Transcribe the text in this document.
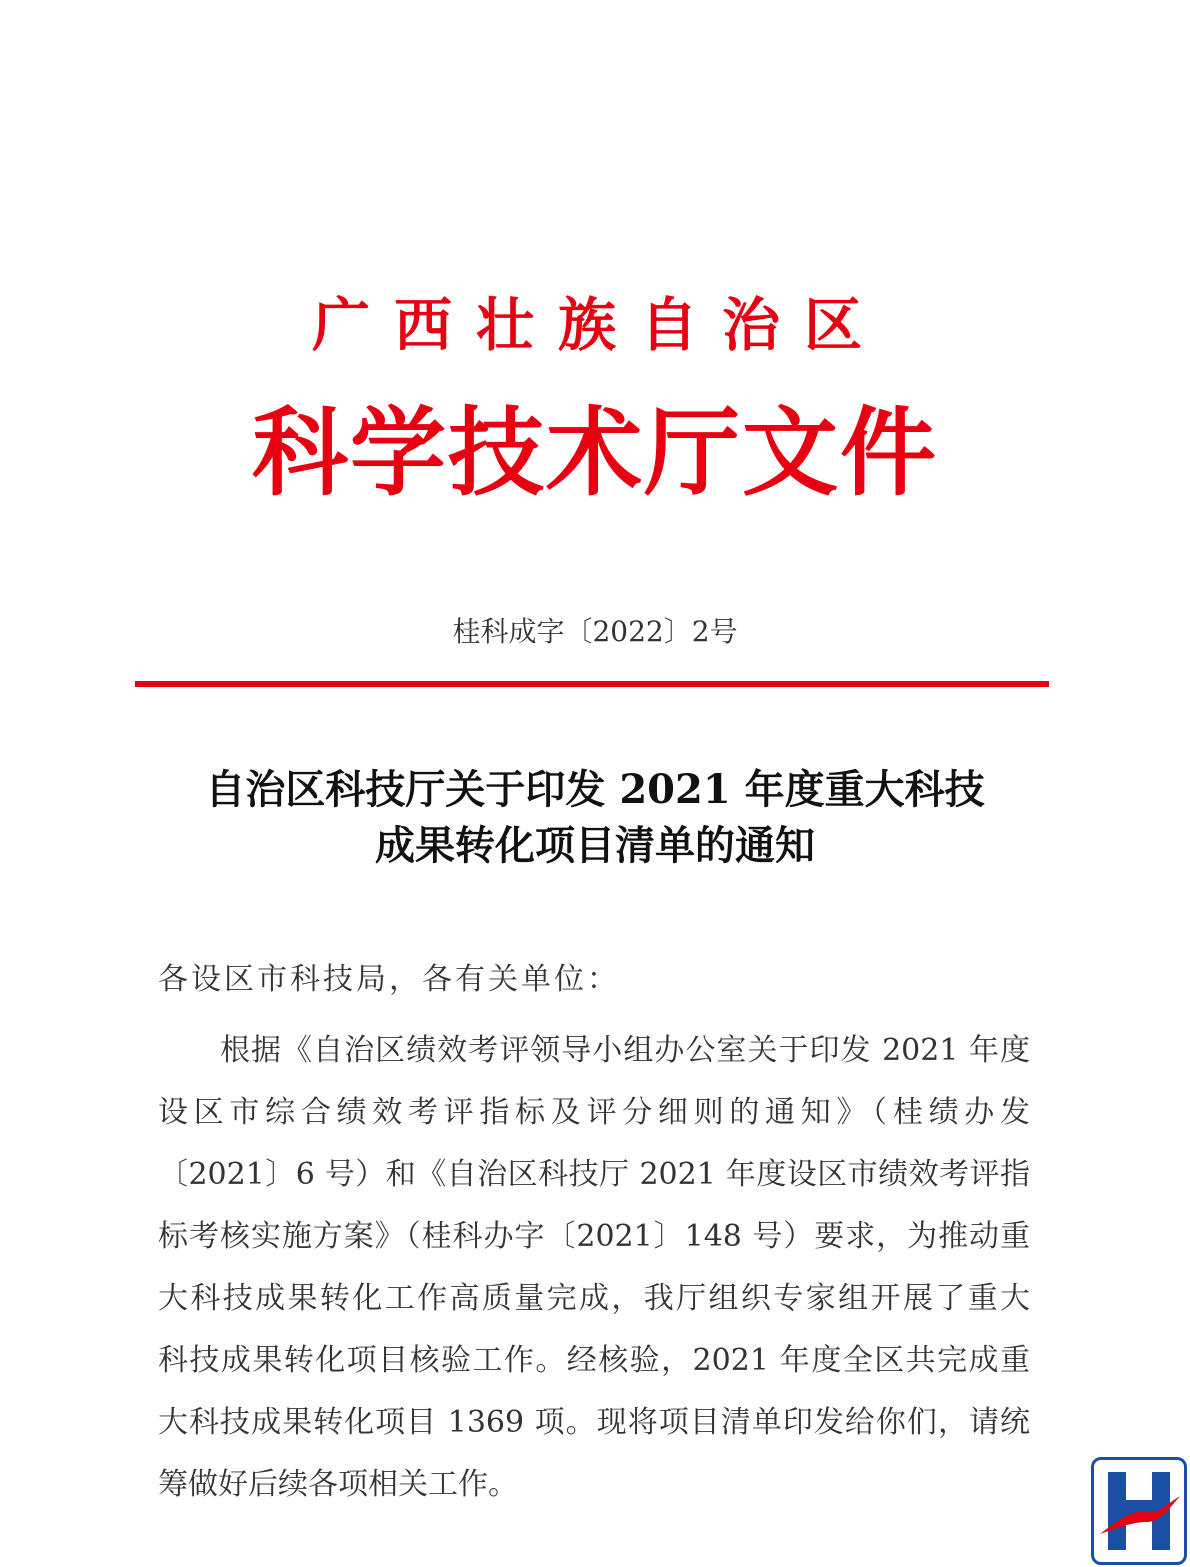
广西壮族自治区
科学技术厅文件
桂科成字〔2022〕2号
自治区科技厅关于印发 2021 年度重大科技
成果转化项目清单的通知
各设区市科技局，各有关单位：
根据《自治区绩效考评领导小组办公室关于印发 2021 年度
设区市综合绩效考评指标及评分细则的通知》（桂绩办发
〔2021〕6 号）和《自治区科技厅 2021 年度设区市绩效考评指
标考核实施方案》（桂科办字〔2021〕148 号）要求，为推动重
大科技成果转化工作高质量完成，我厅组织专家组开展了重大
科技成果转化项目核验工作。经核验，2021 年度全区共完成重
大科技成果转化项目 1369 项。现将项目清单印发给你们，请统
筹做好后续各项相关工作。
